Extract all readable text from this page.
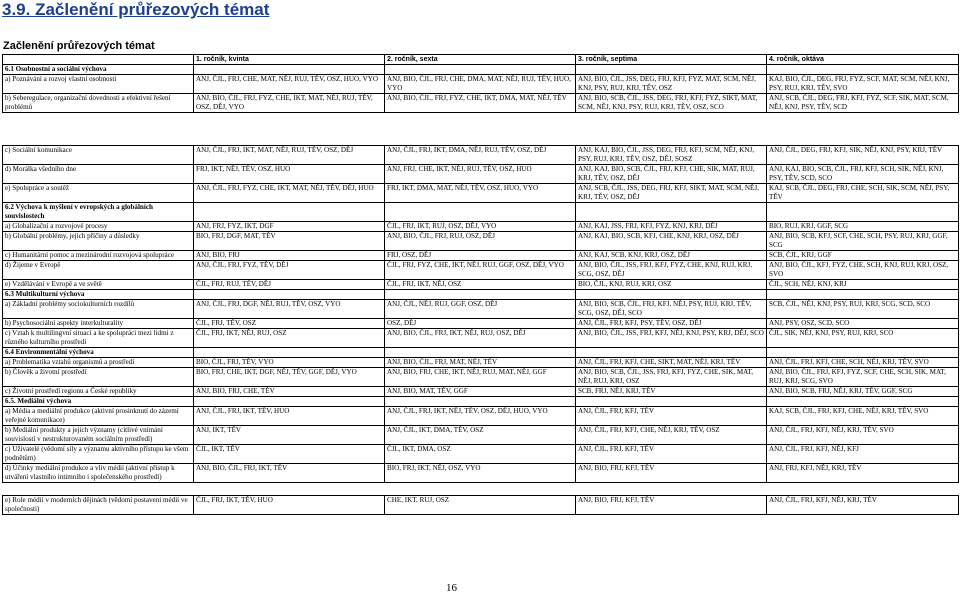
3.9. Začlenění průřezových témat
Začlenění průřezových témat
	1. ročník, kvinta	2. ročník, sexta	3. ročník, septima	4. ročník, oktáva
6.1 Osobnostní a sociální výchova				
a) Poznávání a rozvoj vlastní osobnosti	ANJ, ČJL, FRJ, CHE, MAT, NĚJ, RUJ, TĚV, OSZ, HUO, VYO	ANJ, BIO, ČJL, FRJ, CHE, DMA, MAT, NĚJ, RUJ, TĚV, HUO, VYO	ANJ, BIO, ČJL, JSS, DEG, FRJ, KFJ, FYZ, MAT, SCM, NĚJ, KNJ, PSY, RUJ, KRJ, TĚV, OSZ	KAJ, BIO, ČJL, DEG, FRJ, FYZ, SCF, MAT, SCM, NĚJ, KNJ, PSY, RUJ, KRJ, TĚV, SVO
b) Seberegulace, organizační dovednosti a efektivní řešení problémů	ANJ, BIO, ČJL, FRJ, FYZ, CHE, IKT, MAT, NĚJ, RUJ, TĚV, OSZ, DĚJ, VYO	ANJ, BIO, ČJL, FRJ, FYZ, CHE, IKT, DMA, MAT, NĚJ, TĚV	ANJ, BIO, SCB, ČJL, JSS, DEG, FRJ, KFJ, FYZ, SIKT, MAT, SCM, NĚJ, KNJ, PSY, RUJ, KRJ, TĚV, OSZ, SCO	ANJ, SCB, ČJL, DEG, FRJ, KFJ, FYZ, SCF, SIK, MAT, SCM, NĚJ, KNJ, PSY, TĚV, SCD

c) Sociální komunikace	ANJ, ČJL, FRJ, IKT, MAT, NĚJ, RUJ, TĚV, OSZ, DĚJ	ANJ, ČJL, FRJ, IKT, DMA, NĚJ, RUJ, TĚV, OSZ, DĚJ	ANJ, KAJ, BIO, ČJL, JSS, DEG, FRJ, KFJ, SCM, NĚJ, KNJ, PSY, RUJ, KRJ, TĚV, OSZ, DĚJ, SOSZ	ANJ, ČJL, DEG, FRJ, KFJ, SIK, NĚJ, KNJ, PSY, KRJ, TĚV
d) Morálka všedního dne	FRJ, IKT, NĚJ, TĚV, OSZ, HUO	ANJ, FRJ, CHE, IKT, NĚJ, RUJ, TĚV, OSZ, HUO	ANJ, KAJ, BIO, SCB, ČJL, FRJ, KFJ, CHE, SIK, MAT, RUJ, KRJ, TĚV, OSZ, DĚJ	ANJ, KAJ, BIO, SCB, ČJL, FRJ, KFJ, SCH, SIK, NĚJ, KNJ, PSY, TĚV, SCD, SCO
e) Spolupráce a soutěž	ANJ, ČJL, FRJ, FYZ, CHE, IKT, MAT, NĚJ, TĚV, DĚJ, HUO	FRJ, IKT, DMA, MAT, NĚJ, TĚV, OSZ, HUO, VYO	ANJ, SCB, ČJL, JSS, DEG, FRJ, KFJ, SIKT, MAT, SCM, NĚJ, KRJ, TĚV, OSZ, DĚJ	KAJ, SCB, ČJL, DEG, FRJ, CHE, SCH, SIK, SCM, NĚJ, PSY, TĚV
6.2 Výchova k myšlení v evropských a globálních souvislostech				
a) Globalizační a rozvojové procesy	ANJ, FRJ, FYZ, IKT, DGF	ČJL, FRJ, IKT, RUJ, OSZ, DĚJ, VYO	ANJ, KAJ, JSS, FRJ, KFJ, FYZ, KNJ, KRJ, DĚJ	BIO, RUJ, KRJ, GGF, SCG
b) Globální problémy, jejich příčiny a důsledky	BIO, FRJ, DGF, MAT, TĚV	ANJ, BIO, ČJL, FRJ, RUJ, OSZ, DĚJ	ANJ, KAJ, BIO, SCB, KFJ, CHE, KNJ, KRJ, OSZ, DĚJ	ANJ, BIO, SCB, KFJ, SCF, CHE, SCH, PSY, RUJ, KRJ, GGF, SCG
c) Humanitární pomoc a mezinárodní rozvojová spolupráce	ANJ, BIO, FRJ	FRJ, OSZ, DĚJ	ANJ, KAJ, SCB, KNJ, KRJ, OSZ, DĚJ	SCB, ČJL, KRJ, GGF
d) Žijeme v Evropě	ANJ, ČJL, FRJ, FYZ, TĚV, DĚJ	ČJL, FRJ, FYZ, CHE, IKT, NĚJ, RUJ, GGF, OSZ, DĚJ, VYO	ANJ, BIO, ČJL, JSS, FRJ, KFJ, FYZ, CHE, KNJ, RUJ, KRJ, SCG, OSZ, DĚJ	ANJ, BIO, ČJL, KFJ, FYZ, CHE, SCH, KNJ, RUJ, KRJ, OSZ, SVO
e) Vzdělávání v Evropě a ve světě	ČJL, FRJ, RUJ, TĚV, DĚJ	ČJL, FRJ, IKT, NĚJ, OSZ	BIO, ČJL, KNJ, RUJ, KRJ, OSZ	ČJL, SCH, NĚJ, KNJ, KRJ
6.3 Multikulturní výchova				
a) Základní problémy sociokulturních rozdílů	ANJ, ČJL, FRJ, DGF, NĚJ, RUJ, TĚV, OSZ, VYO	ANJ, ČJL, NĚJ, RUJ, GGF, OSZ, DĚJ	ANJ, BIO, SCB, ČJL, FRJ, KFJ, NĚJ, PSY, RUJ, KRJ, TĚV, SCG, OSZ, DĚJ, SCO	SCB, ČJL, NĚJ, KNJ, PSY, RUJ, KRJ, SCG, SCD, SCO
b) Psychosociální aspekty interkulturality	ČJL, FRJ, TĚV, OSZ	OSZ, DĚJ	ANJ, ČJL, FRJ, KFJ, PSY, TĚV, OSZ, DĚJ	ANJ, PSY, OSZ, SCD, SCO
c) Vztah k multilingvní situaci a ke spolupráci mezi lidmi z různého kulturního prostředí	ČJL, FRJ, IKT, NĚJ, RUJ, OSZ	ANJ, BIO, ČJL, FRJ, IKT, NĚJ, RUJ, OSZ, DĚJ	ANJ, BIO, ČJL, JSS, FRJ, KFJ, NĚJ, KNJ, PSY, KRJ, DĚJ, SCO	ČJL, SIK, NĚJ, KNJ, PSY, RUJ, KRJ, SCO
6.4 Environmentální výchova				
a) Problematika vztahů organismů a prostředí	BIO, ČJL, FRJ, TĚV, VYO	ANJ, BIO, ČJL, FRJ, MAT, NĚJ, TĚV	ANJ, ČJL, FRJ, KFJ, CHE, SIKT, MAT, NĚJ, KRJ, TĚV	ANJ, ČJL, FRJ, KFJ, CHE, SCH, NĚJ, KRJ, TĚV, SVO
b) Člověk a životní prostředí	BIO, FRJ, CHE, IKT, DGF, NĚJ, TĚV, GGF, DĚJ, VYO	ANJ, BIO, FRJ, CHE, IKT, NĚJ, RUJ, MAT, NĚJ, GGF	ANJ, BIO, SCB, ČJL, JSS, FRJ, KFJ, FYZ, CHE, SIK, MAT, NĚJ, RUJ, KRJ, OSZ	ANJ, BIO, ČJL, FRJ, KFJ, FYZ, SCF, CHE, SCH, SIK, MAT, RUJ, KRJ, SCG, SVO
c) Životní prostředí regionu a České republiky	ANJ, BIO, FRJ, CHE, TĚV	ANJ, BIO, MAT, TĚV, GGF	SCB, FRJ, NĚJ, KRJ, TĚV	ANJ, BIO, SCB, FRJ, NĚJ, KRJ, TĚV, GGF, SCG
6.5. Mediální výchova				
a) Média a mediální produkce (aktivní prosinknutí do zázemí veřejné komunikace)	ANJ, ČJL, FRJ, IKT, TĚV, HUO	ANJ, ČJL, FRJ, IKT, NĚJ, TĚV, OSZ, DĚJ, HUO, VYO	ANJ, ČJL, FRJ, KFJ, TĚV	KAJ, SCB, ČJL, FRJ, KFJ, CHE, NĚJ, KRJ, TĚV, SVO
b) Mediální produkty a jejich významy (citlivé vnímání souvislostí v nestrukturovaném sociálním prostředí)	ANJ, IKT, TĚV	ANJ, ČJL, IKT, DMA, TĚV, OSZ	ANJ, ČJL, FRJ, KFJ, CHE, NĚJ, KRJ, TĚV, OSZ	ANJ, ČJL, FRJ, KFJ, NĚJ, KRJ, TĚV, SVO
c) Uživatelé (vědomí síly a významu aktivního přístupu ke všem podnětům)	ČJL, IKT, TĚV	ČJL, IKT, DMA, OSZ	ANJ, ČJL, FRJ, KFJ, TĚV	ANJ, ČJL, FRJ, KFJ, NĚJ, KFJ
d) Účinky mediální produkce a vliv médií (aktivní přístup k utváření vlastního intimního i společenského prostředí)	ANJ, BIO, ČJL, FRJ, IKT, TĚV	BIO, FRJ, IKT, NĚJ, OSZ, VYO	ANJ, BIO, FRJ, KFJ, TĚV	ANJ, FRJ, KFJ, NĚJ, KRJ, TĚV

e) Role médií v moderních dějinách (vědomí postavení médií ve společnosti)	ČJL, FRJ, IKT, TĚV, HUO	CHE, IKT, RUJ, OSZ	ANJ, BIO, FRJ, KFJ, TĚV	ANJ, ČJL, FRJ, KFJ, NĚJ, KRJ, TĚV
16
